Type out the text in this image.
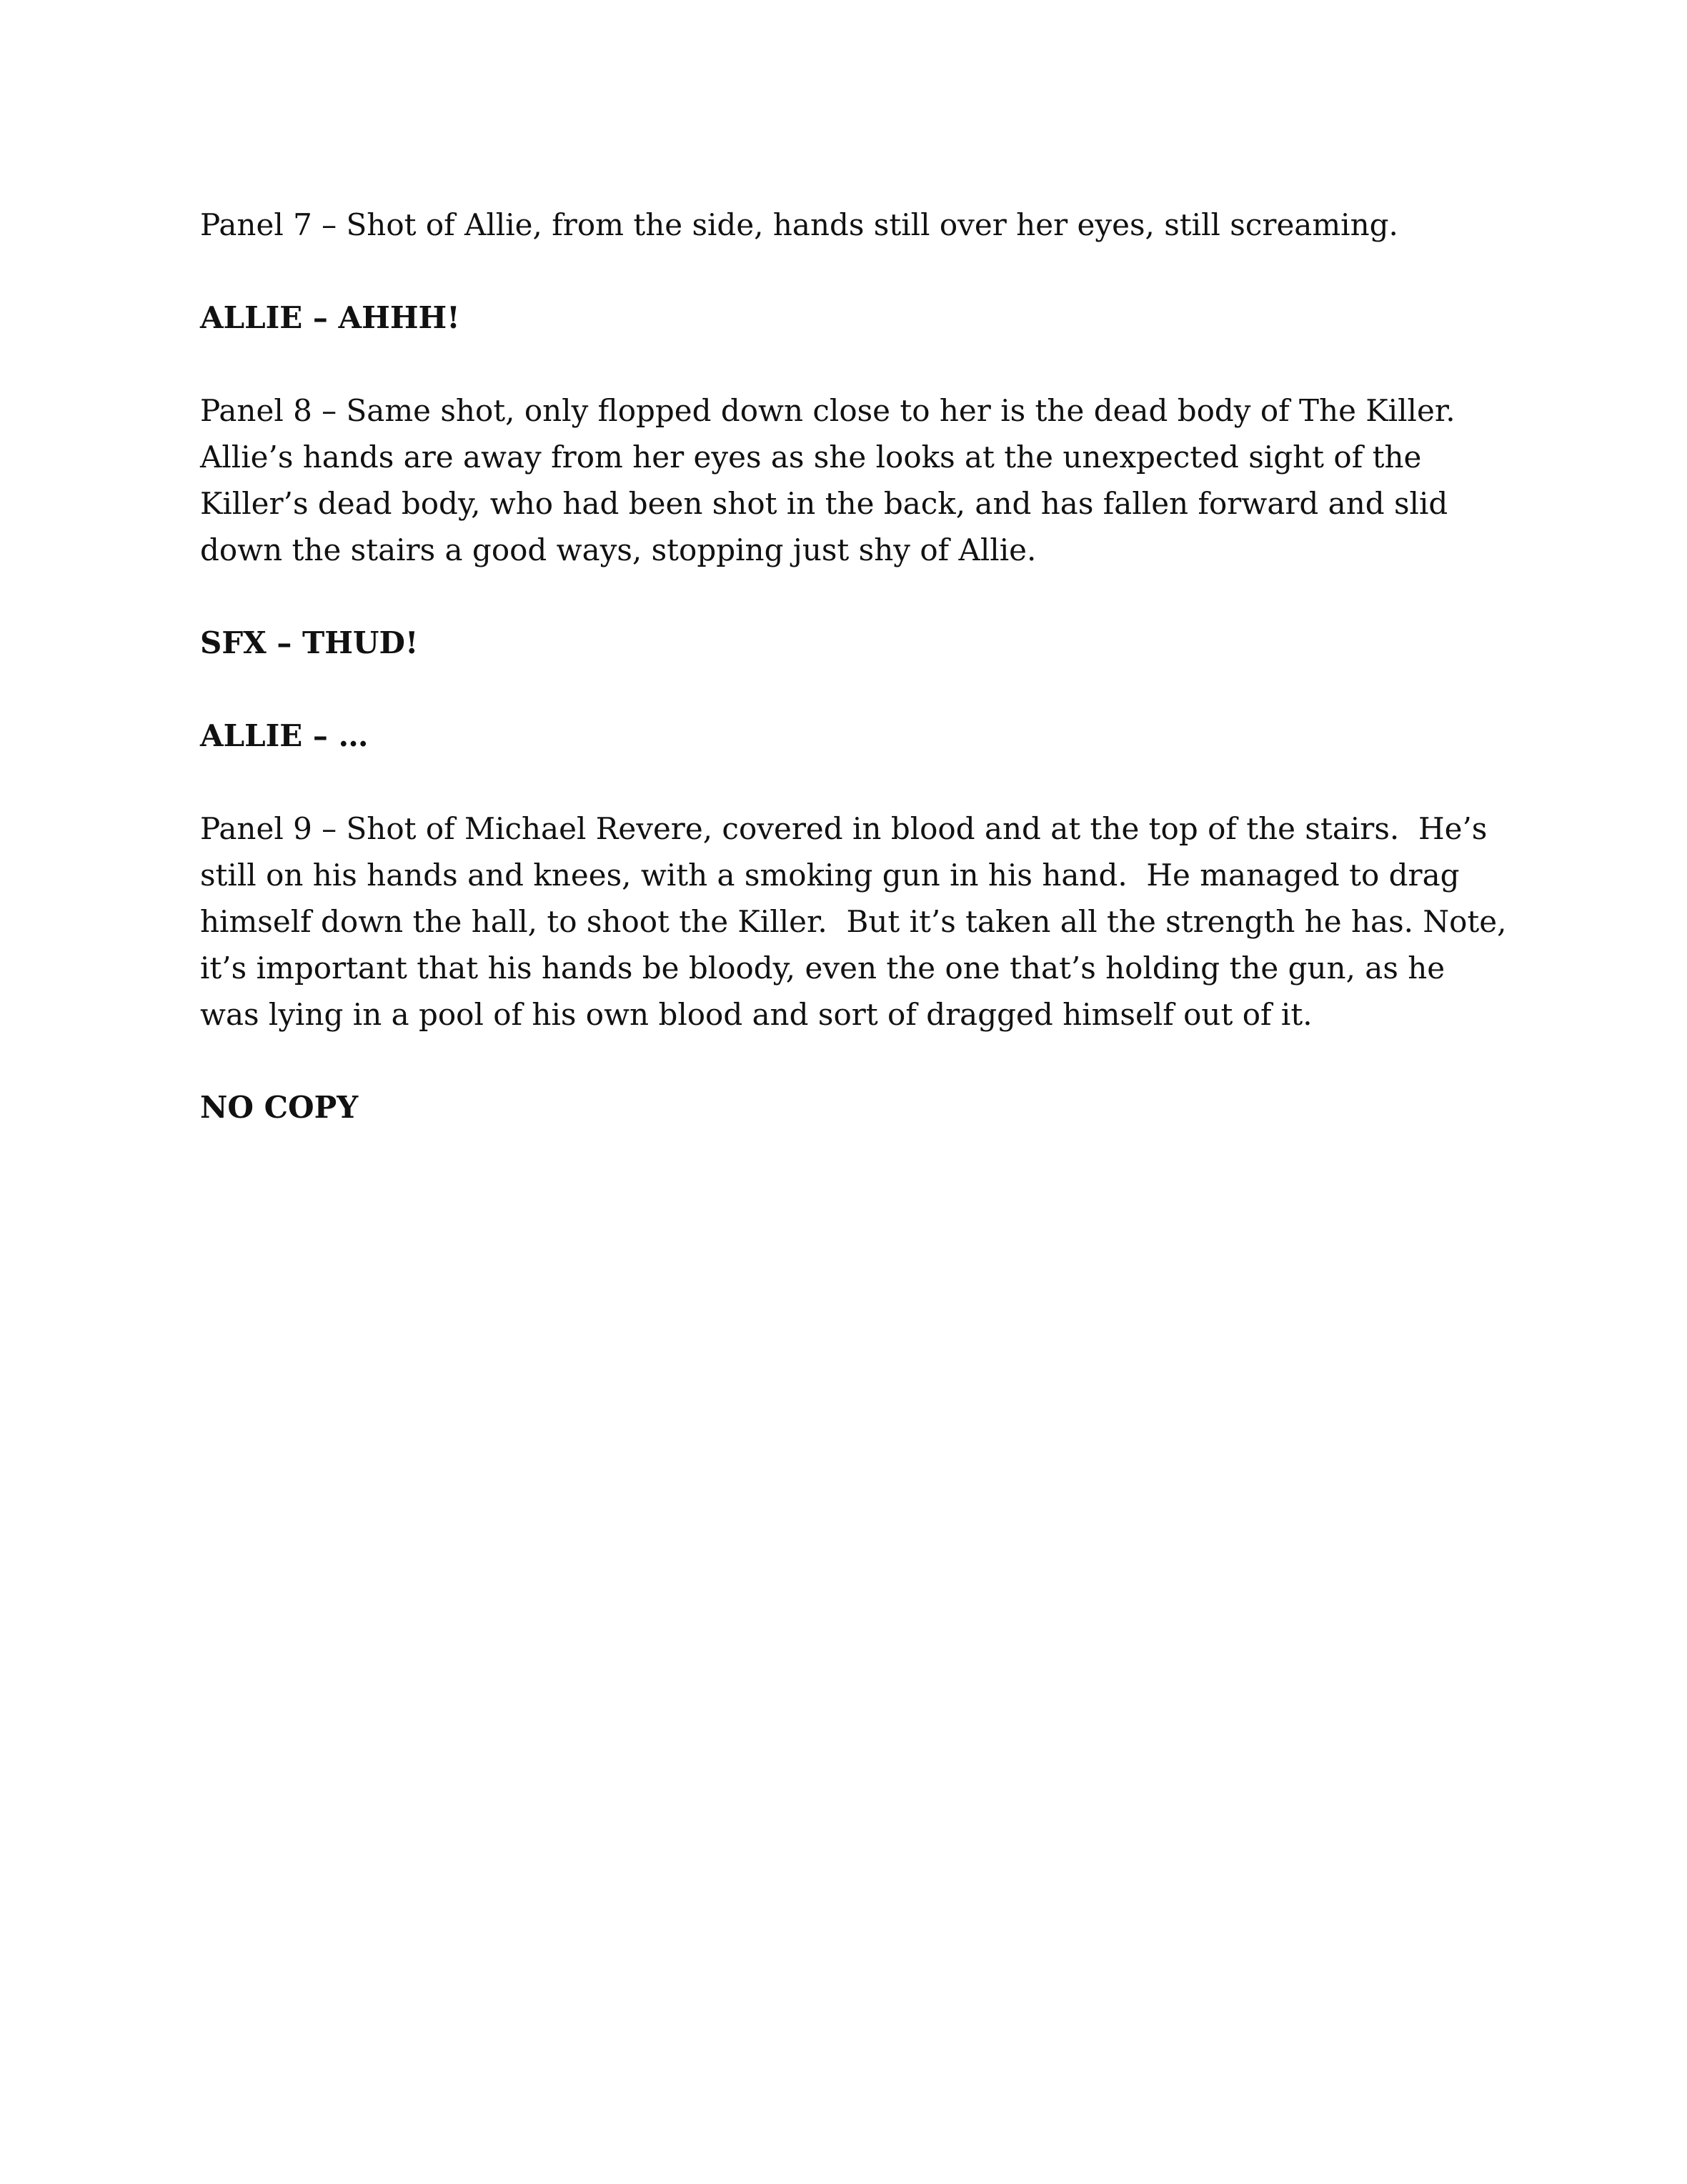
Panel 7 – Shot of Allie, from the side, hands still over her eyes, still screaming.

ALLIE – AHHH!

Panel 8 – Same shot, only flopped down close to her is the dead body of The Killer.  Allie’s hands are away from her eyes as she looks at the unexpected sight of the Killer’s dead body, who had been shot in the back, and has fallen forward and slid down the stairs a good ways, stopping just shy of Allie.

SFX – THUD!

ALLIE – …

Panel 9 – Shot of Michael Revere, covered in blood and at the top of the stairs.  He’s still on his hands and knees, with a smoking gun in his hand.  He managed to drag himself down the hall, to shoot the Killer.  But it’s taken all the strength he has. Note, it’s important that his hands be bloody, even the one that’s holding the gun, as he was lying in a pool of his own blood and sort of dragged himself out of it.

NO COPY
